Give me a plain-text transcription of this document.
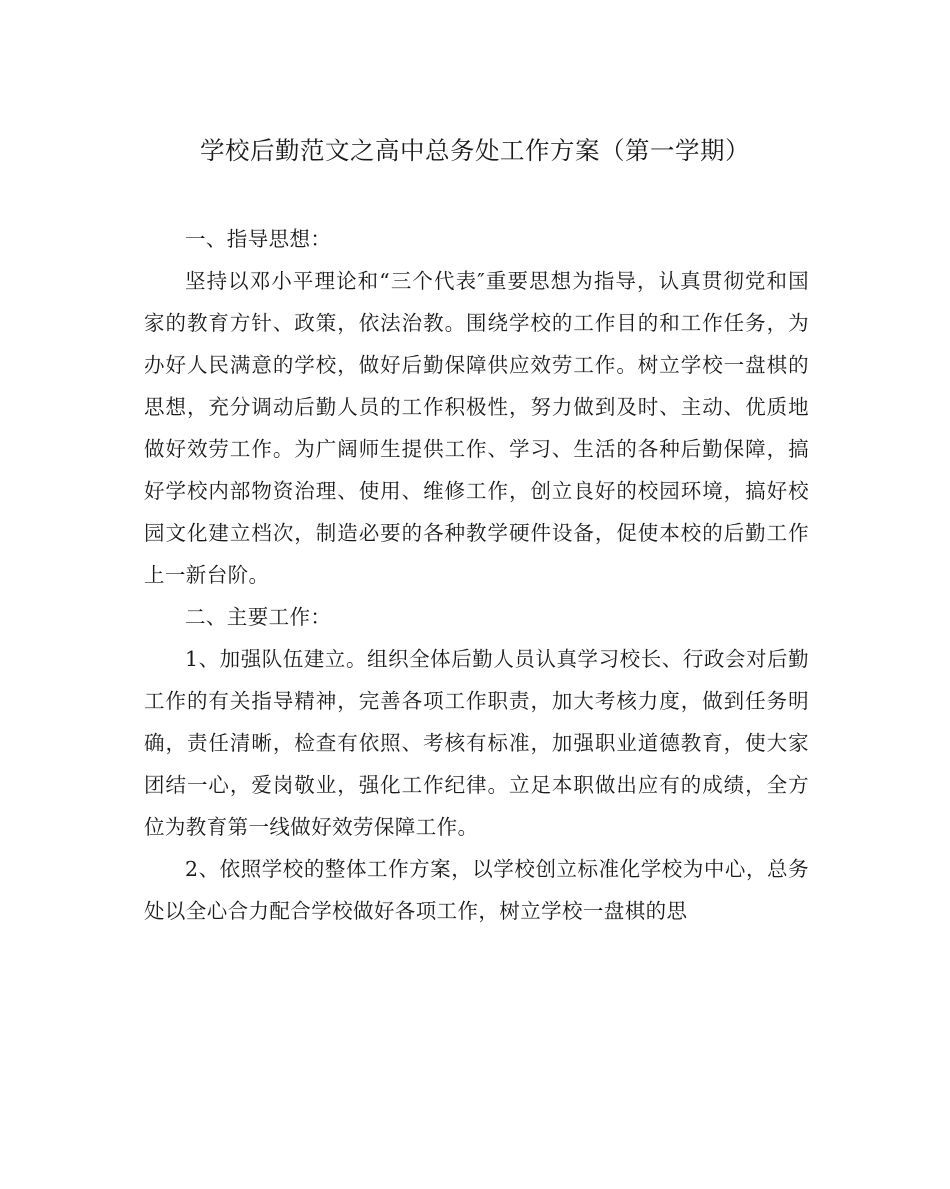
学校后勤范文之高中总务处工作方案（第一学期）

一、指导思想：

坚持以邓小平理论和“三个代表″重要思想为指导，认真贯彻党和国家的教育方针、政策，依法治教。围绕学校的工作目的和工作任务，为办好人民满意的学校，做好后勤保障供应效劳工作。树立学校一盘棋的思想，充分调动后勤人员的工作积极性，努力做到及时、主动、优质地做好效劳工作。为广阔师生提供工作、学习、生活的各种后勤保障，搞好学校内部物资治理、使用、维修工作，创立良好的校园环境，搞好校园文化建立档次，制造必要的各种教学硬件设备，促使本校的后勤工作上一新台阶。

二、主要工作：

1、加强队伍建立。组织全体后勤人员认真学习校长、行政会对后勤工作的有关指导精神，完善各项工作职责，加大考核力度，做到任务明确，责任清晰，检查有依照、考核有标准，加强职业道德教育，使大家团结一心，爱岗敬业，强化工作纪律。立足本职做出应有的成绩，全方位为教育第一线做好效劳保障工作。

2、依照学校的整体工作方案，以学校创立标准化学校为中心，总务处以全心合力配合学校做好各项工作，树立学校一盘棋的思
